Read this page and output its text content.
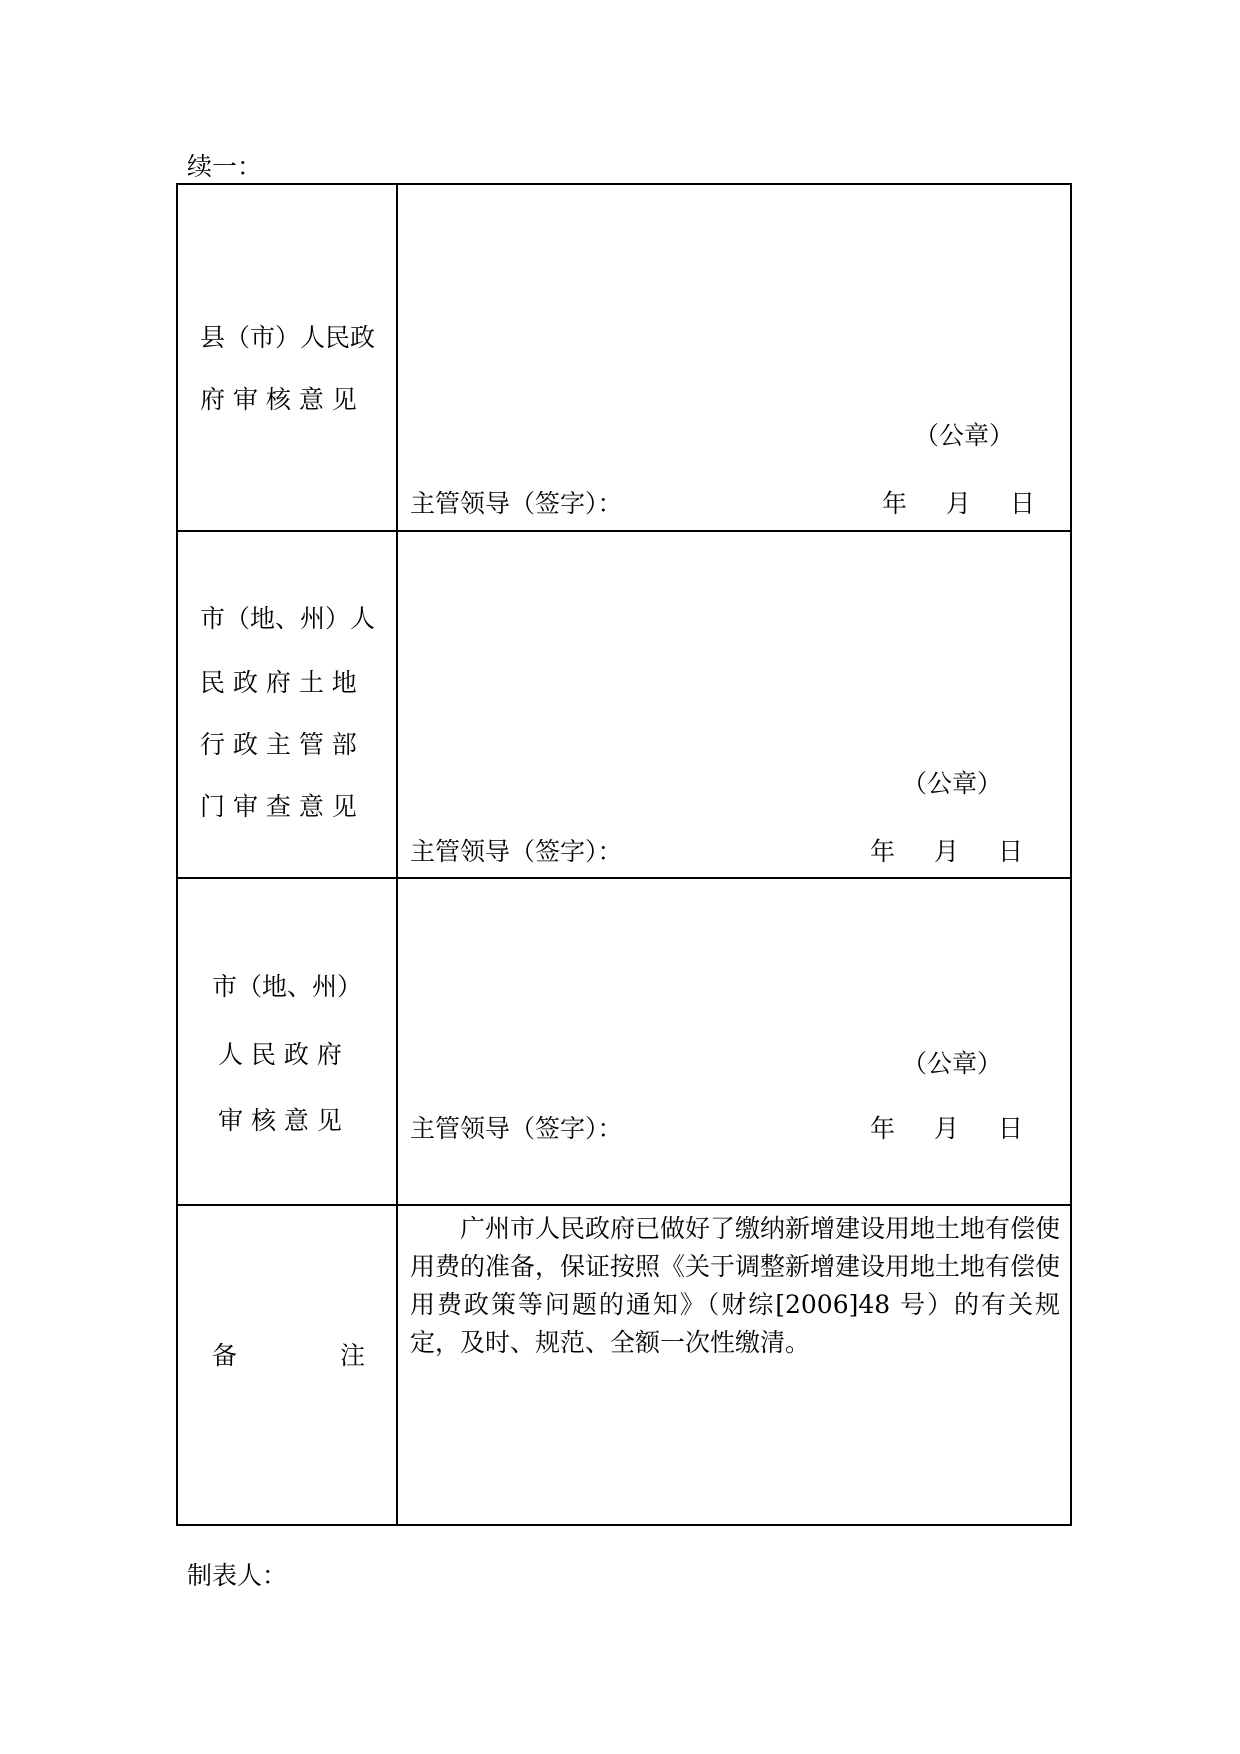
续一：
县（市）人民政
府 审 核 意 见
（公章）
主管领导（签字）：	年 月 日
市（地、州）人
民 政 府 土 地
行 政 主 管 部
门 审 查 意 见
（公章）
主管领导（签字）：	年 月 日
市（地、州）
人 民 政 府
审 核 意 见
（公章）
主管领导（签字）：	年 月 日
备	注

广州市人民政府已做好了缴纳新增建设用地土地有偿使用费的准备，保证按照《关于调整新增建设用地土地有偿使用费政策等问题的通知》（财综[2006]48 号）的有关规定，及时、规范、全额一次性缴清。

制表人：
